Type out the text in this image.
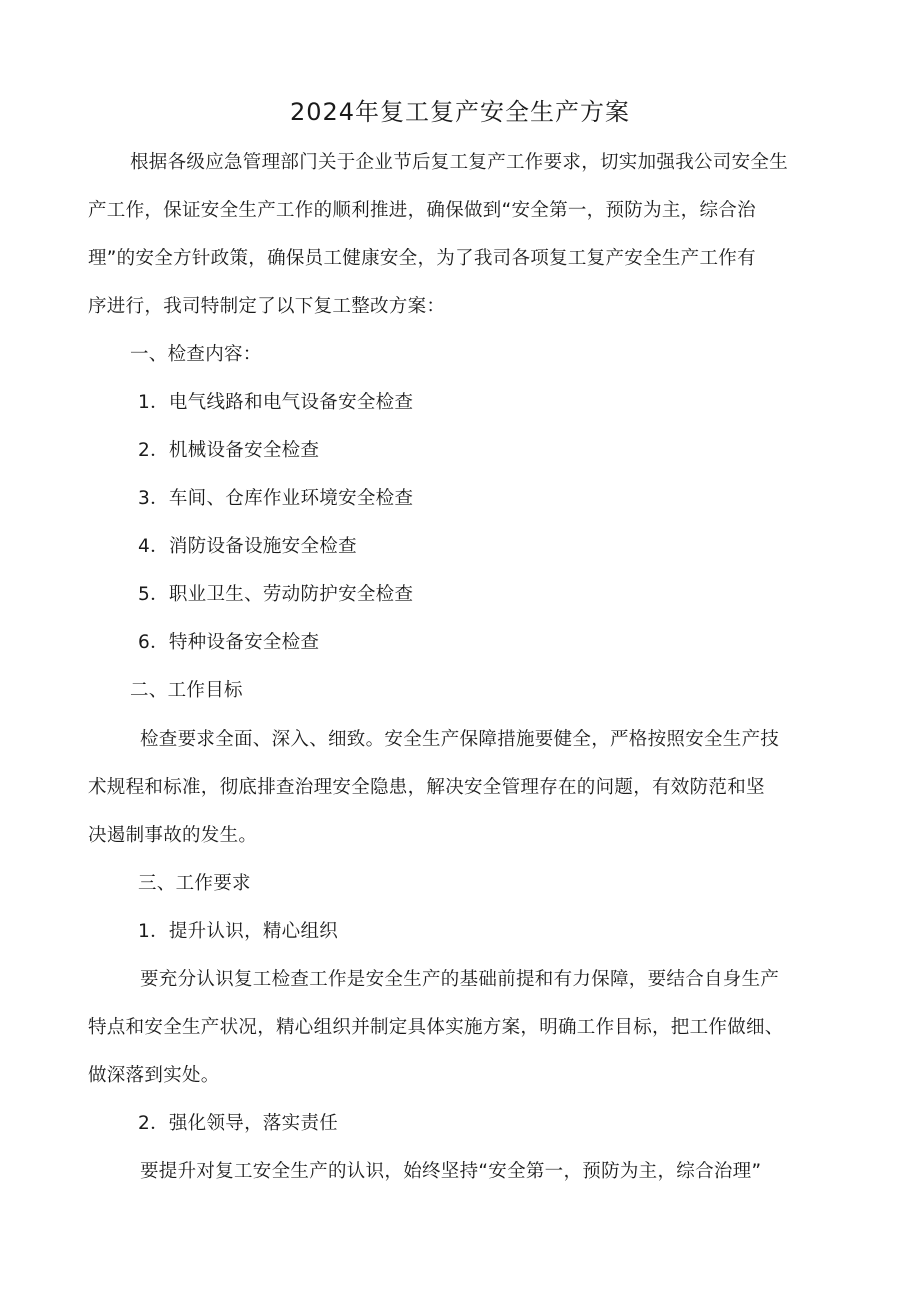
2024年复工复产安全生产方案
根据各级应急管理部门关于企业节后复工复产工作要求，切实加强我公司安全生
产工作，保证安全生产工作的顺利推进，确保做到“安全第一，预防为主，综合治
理”的安全方针政策，确保员工健康安全，为了我司各项复工复产安全生产工作有
序进行，我司特制定了以下复工整改方案：
一、检查内容：
1．电气线路和电气设备安全检查
2．机械设备安全检查
3．车间、仓库作业环境安全检查
4．消防设备设施安全检查
5．职业卫生、劳动防护安全检查
6．特种设备安全检查
二、工作目标
检查要求全面、深入、细致。安全生产保障措施要健全，严格按照安全生产技
术规程和标准，彻底排查治理安全隐患，解决安全管理存在的问题，有效防范和坚
决遏制事故的发生。
三、工作要求
1．提升认识，精心组织
要充分认识复工检查工作是安全生产的基础前提和有力保障，要结合自身生产
特点和安全生产状况，精心组织并制定具体实施方案，明确工作目标，把工作做细、
做深落到实处。
2．强化领导，落实责任
要提升对复工安全生产的认识，始终坚持“安全第一，预防为主，综合治理”
